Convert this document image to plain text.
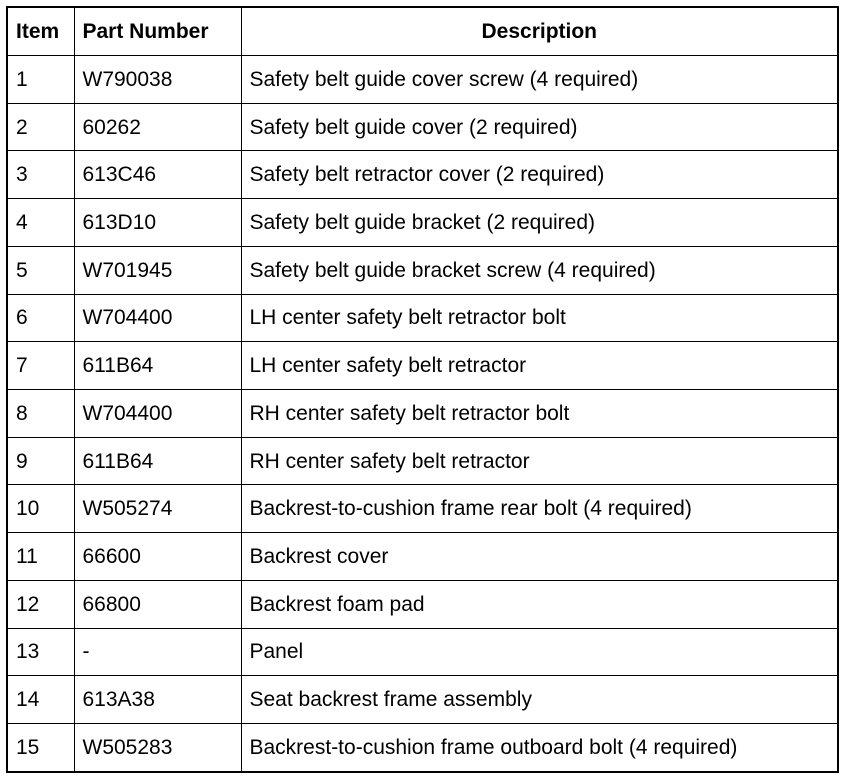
Item	Part Number	Description
1	W790038	Safety belt guide cover screw (4 required)
2	60262	Safety belt guide cover (2 required)
3	613C46	Safety belt retractor cover (2 required)
4	613D10	Safety belt guide bracket (2 required)
5	W701945	Safety belt guide bracket screw (4 required)
6	W704400	LH center safety belt retractor bolt
7	611B64	LH center safety belt retractor
8	W704400	RH center safety belt retractor bolt
9	611B64	RH center safety belt retractor
10	W505274	Backrest-to-cushion frame rear bolt (4 required)
11	66600	Backrest cover
12	66800	Backrest foam pad
13	-	Panel
14	613A38	Seat backrest frame assembly
15	W505283	Backrest-to-cushion frame outboard bolt (4 required)
